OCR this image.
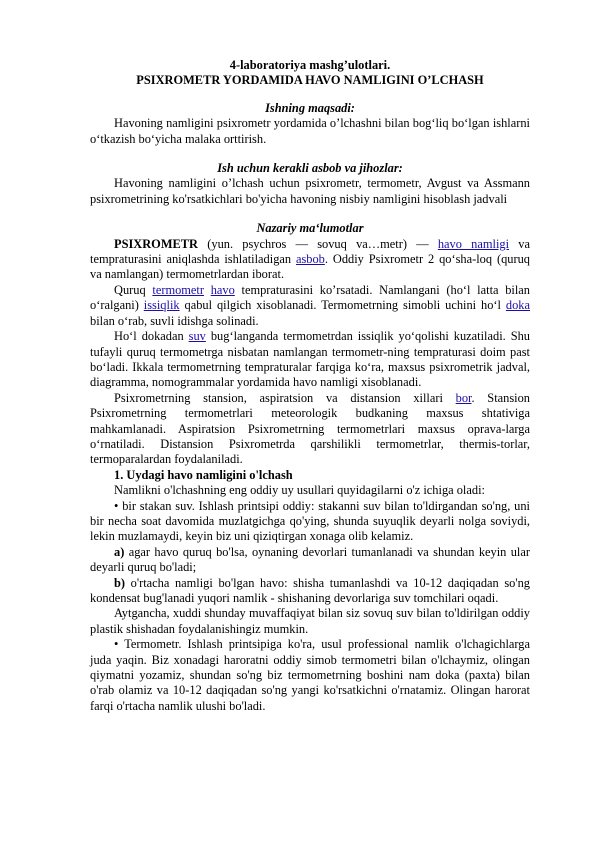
4-laboratoriya mashg’ulotlari.
PSIXROMETR YORDAMIDA HAVO NAMLIGINI O’LCHASH
Ishning maqsadi:

Havoning namligini psixrometr yordamida o’lchashni bilan bog‘liq bo‘lgan ishlarni o‘tkazish bo‘yicha malaka orttirish.

Ish uchun kerakli asbob va jihozlar:

Havoning namligini o’lchash uchun psixrometr, termometr, Avgust va Assmann psixrometrining ko'rsatkichlari bo'yicha havoning nisbiy namligini hisoblash jadvali

Nazariy ma‘lumotlar

PSIXROMETR (yun. psychros — sovuq va…metr) — havo namligi va tempraturasini aniqlashda ishlatiladigan asbob. Oddiy Psixrometr 2 qo‘sha-loq (quruq va namlangan) termometrlardan iborat.

Quruq termometr havo tempraturasini ko’rsatadi. Namlangani (ho‘l latta bilan o‘ralgani) issiqlik qabul qilgich xisoblanadi. Termometrning simobli uchini ho‘l doka bilan o‘rab, suvli idishga solinadi.

Ho‘l dokadan suv bug‘langanda termometrdan issiqlik yo‘qolishi kuzatiladi. Shu tufayli quruq termometrga nisbatan namlangan termometr-ning tempraturasi doim past bo‘ladi. Ikkala termometrning tempraturalar farqiga ko‘ra, maxsus psixrometrik jadval, diagramma, nomogrammalar yordamida havo namligi xisoblanadi.

Psixrometrning stansion, aspiratsion va distansion xillari bor. Stansion Psixrometrning termometrlari meteorologik budkaning maxsus shtativiga mahkamlanadi. Aspiratsion Psixrometrning termometrlari maxsus oprava-larga o‘rnatiladi. Distansion Psixrometrda qarshilikli termometrlar, thermis-torlar, termoparalardan foydalaniladi.

1. Uydagi havo namligini o'lchash

Namlikni o'lchashning eng oddiy uy usullari quyidagilarni o'z ichiga oladi:

• bir stakan suv. Ishlash printsipi oddiy: stakanni suv bilan to'ldirgandan so'ng, uni bir necha soat davomida muzlatgichga qo'ying, shunda suyuqlik deyarli nolga soviydi, lekin muzlamaydi, keyin biz uni qiziqtirgan xonaga olib kelamiz.

a) agar havo quruq bo'lsa, oynaning devorlari tumanlanadi va shundan keyin ular deyarli quruq bo'ladi;

b) o'rtacha namligi bo'lgan havo: shisha tumanlashdi va 10-12 daqiqadan so'ng kondensat bug'lanadi yuqori namlik - shishaning devorlariga suv tomchilari oqadi.

Aytgancha, xuddi shunday muvaffaqiyat bilan siz sovuq suv bilan to'ldirilgan oddiy plastik shishadan foydalanishingiz mumkin.

• Termometr. Ishlash printsipiga ko'ra, usul professional namlik o'lchagichlarga juda yaqin. Biz xonadagi haroratni oddiy simob termometri bilan o'lchaymiz, olingan qiymatni yozamiz, shundan so'ng biz termometrning boshini nam doka (paxta) bilan o'rab olamiz va 10-12 daqiqadan so'ng yangi ko'rsatkichni o'rnatamiz. Olingan harorat farqi o'rtacha namlik ulushi bo'ladi.
